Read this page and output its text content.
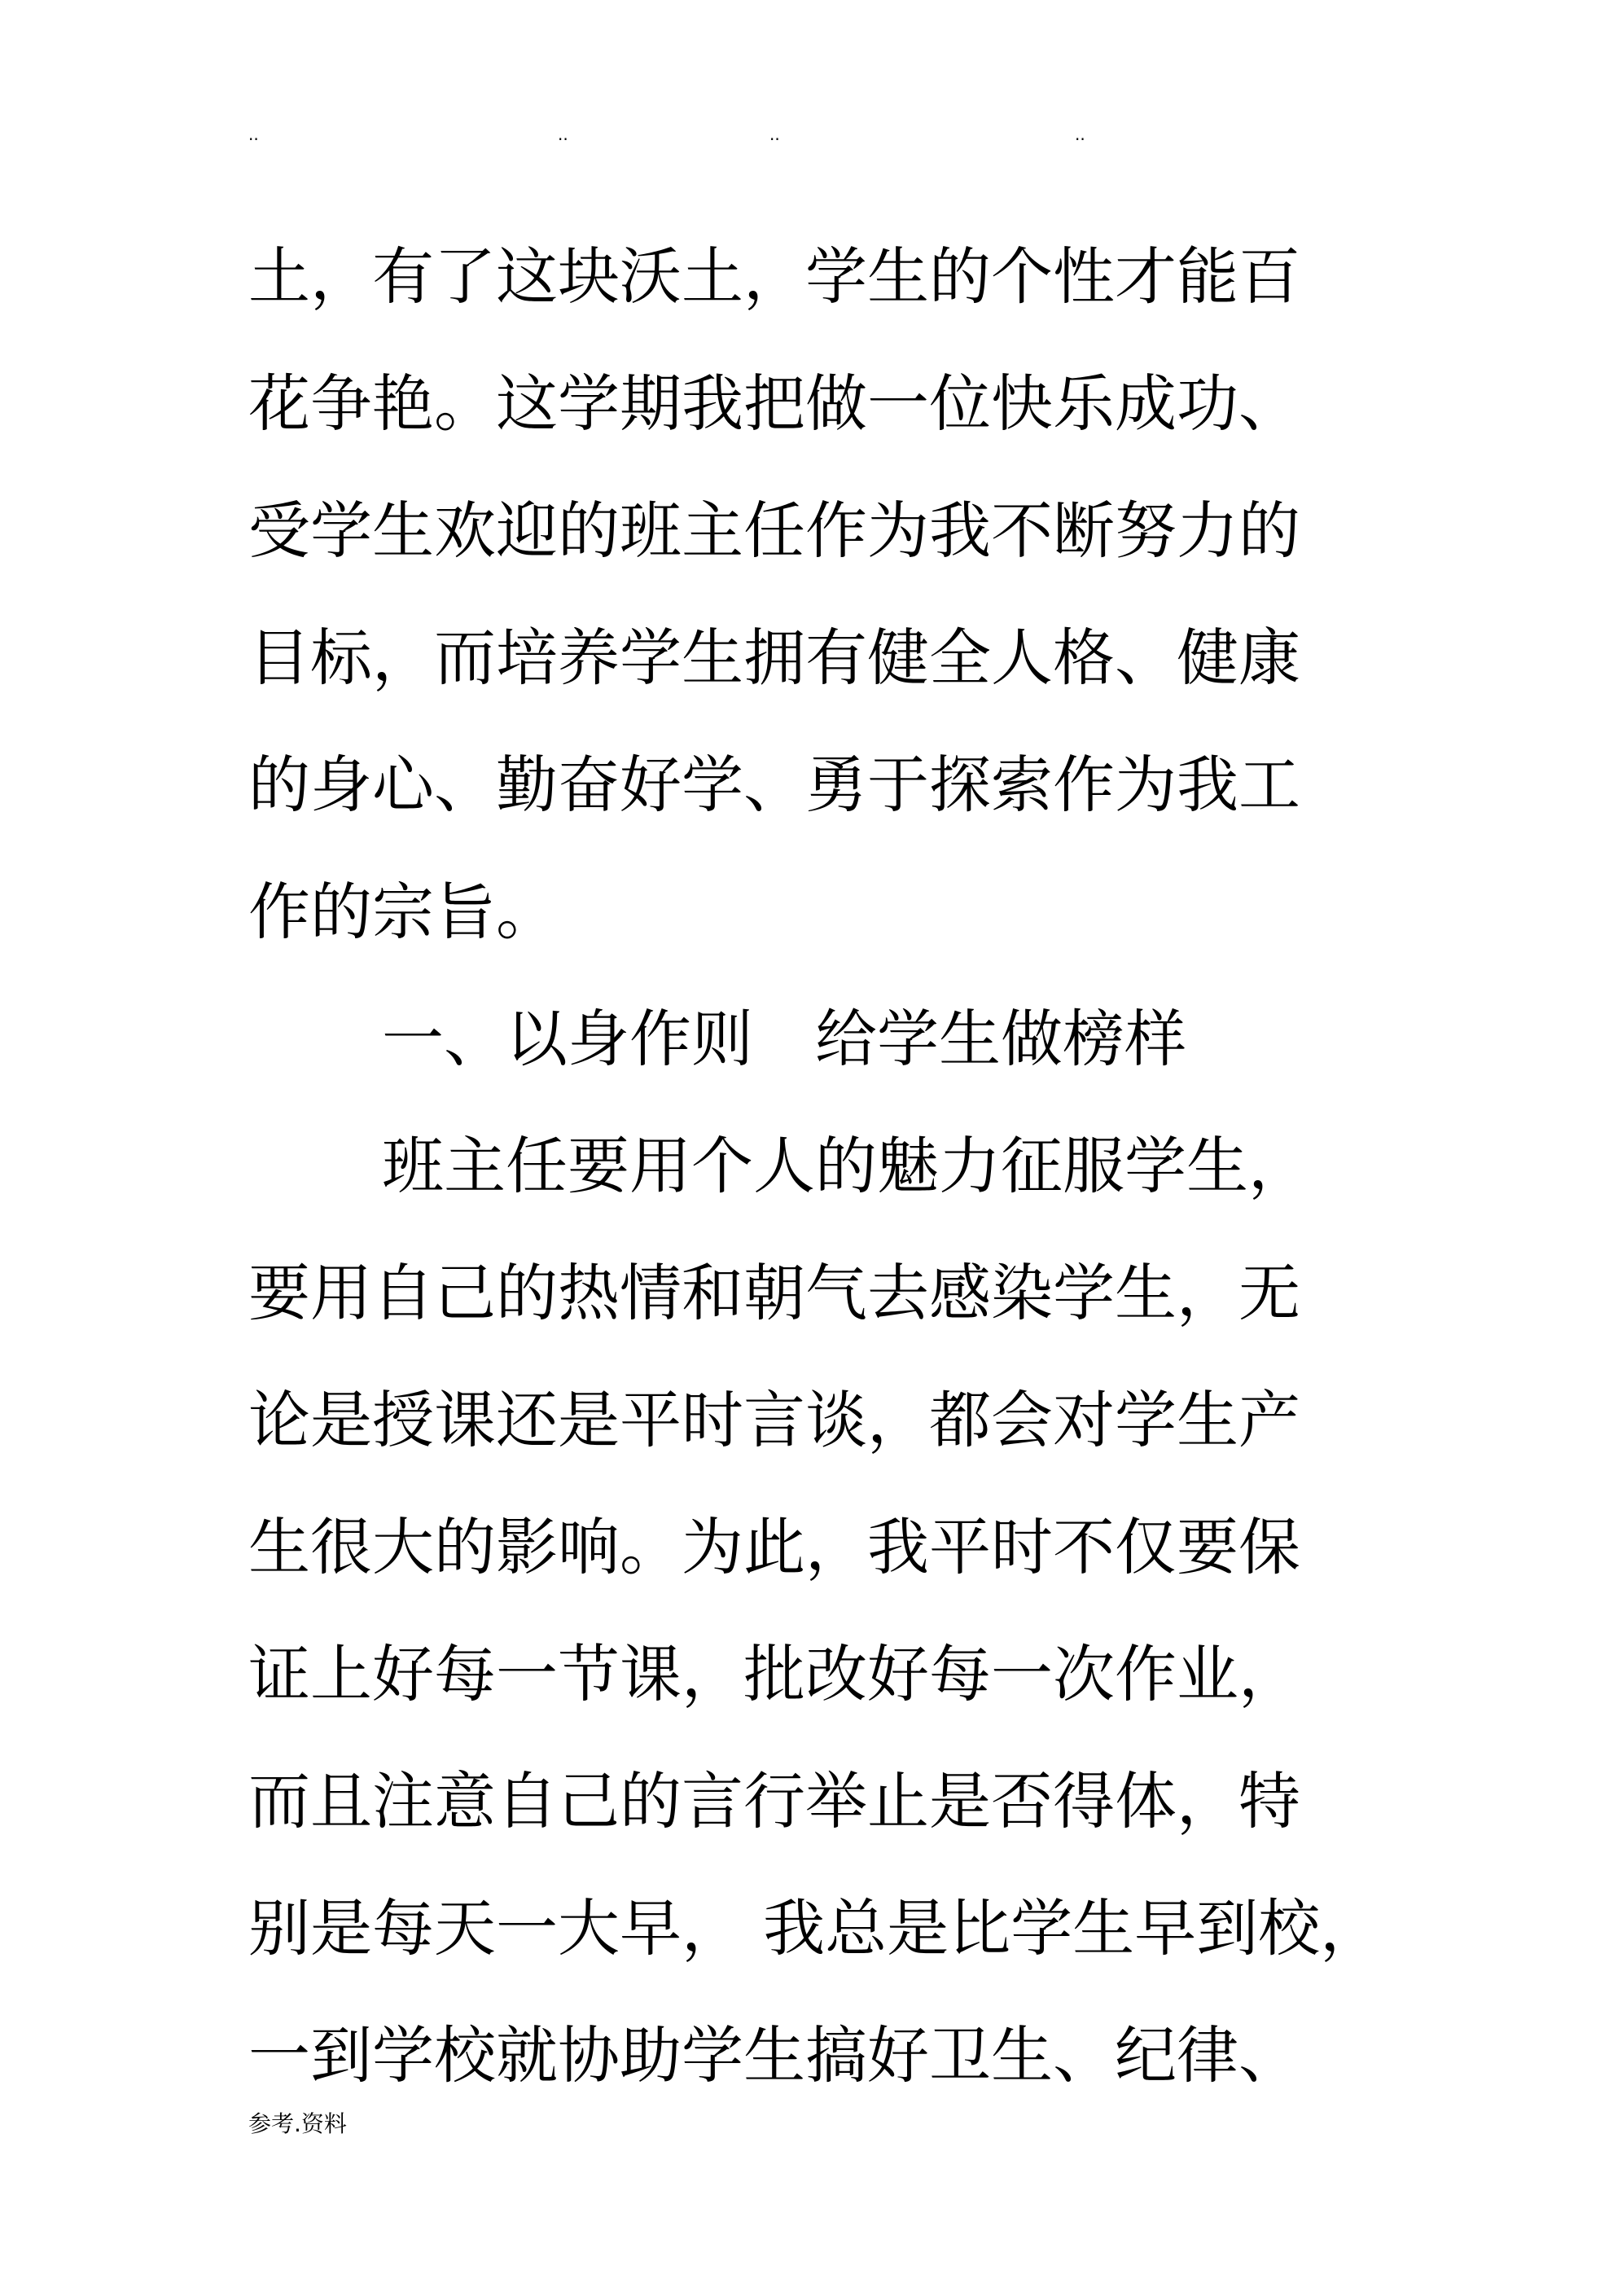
..	..	..	..
土，有了这块沃土，学生的个性才能百
花争艳。这学期我把做一位快乐成功、
受学生欢迎的班主任作为我不断努力的
目标，而培养学生拥有健全人格、健康
的身心、勤奋好学、勇于探索作为我工
作的宗旨。
一、以身作则　给学生做榜样
班主任要用个人的魅力征服学生，
要用自己的热情和朝气去感染学生，无
论是授课还是平时言谈，都会对学生产
生很大的影响。为此，我平时不仅要保
证上好每一节课，批改好每一次作业，
而且注意自己的言行举止是否得体，特
别是每天一大早， 我总是比学生早到校，
一到学校就协助学生搞好卫生、纪律、
参考.资料
